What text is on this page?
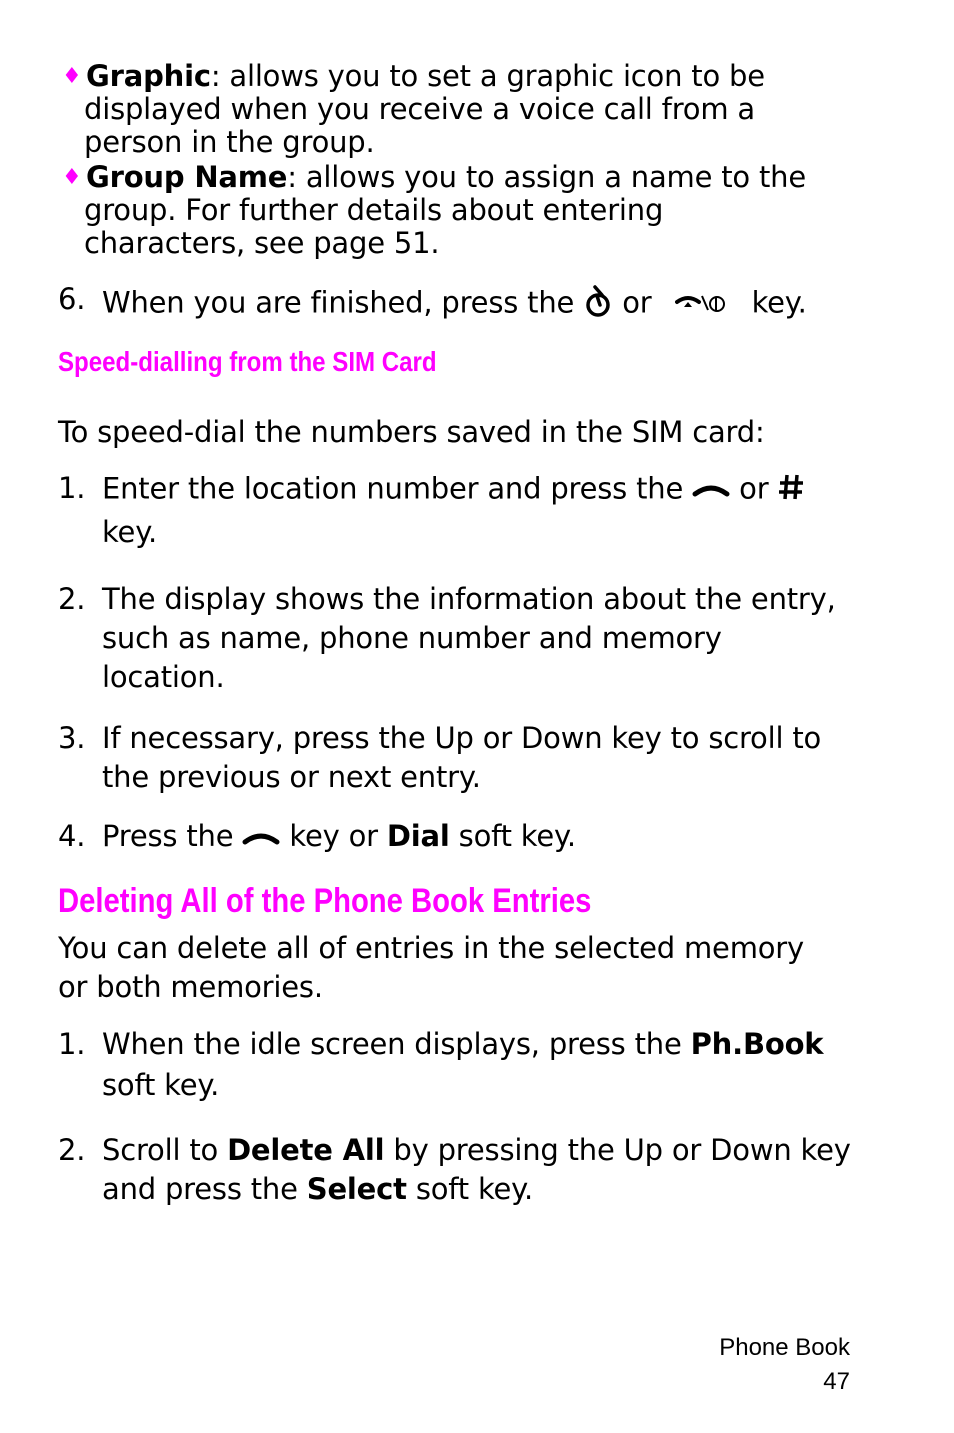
♦ Graphic: allows you to set a graphic icon to be
displayed when you receive a voice call from a
person in the group.
♦ Group Name: allows you to assign a name to the
group. For further details about entering
characters, see page 51.
6. When you are finished, press the or	key.
Speed-dialling from the SIM Card
To speed-dial the numbers saved in the SIM card:
1. Enter the location number and press the or
key.
2. The display shows the information about the entry,
such as name, phone number and memory
location.
3. If necessary, press the Up or Down key to scroll to
the previous or next entry.
4. Press the key or Dial soft key.
Deleting All of the Phone Book Entries
You can delete all of entries in the selected memory
or both memories.
1. When the idle screen displays, press the Ph.Book
soft key.
2. Scroll to Delete All by pressing the Up or Down key
and press the Select soft key.
Phone Book
47
